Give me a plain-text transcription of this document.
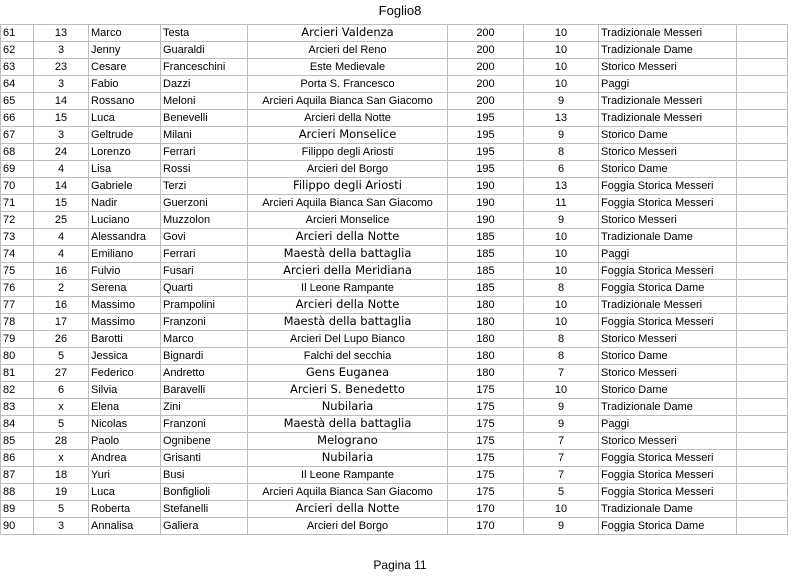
Foglio8
61	13	Marco	Testa	Arcieri Valdenza	200	10	Tradizionale Messeri	
62	3	Jenny	Guaraldi	Arcieri del Reno	200	10	Tradizionale Dame	
63	23	Cesare	Franceschini	Este Medievale	200	10	Storico Messeri	
64	3	Fabio	Dazzi	Porta S. Francesco	200	10	Paggi	
65	14	Rossano	Meloni	Arcieri Aquila Bianca San Giacomo	200	9	Tradizionale Messeri	
66	15	Luca	Benevelli	Arcieri della Notte	195	13	Tradizionale Messeri	
67	3	Geltrude	Milani	Arcieri Monselice	195	9	Storico Dame	
68	24	Lorenzo	Ferrari	Filippo degli Ariosti	195	8	Storico Messeri	
69	4	Lisa	Rossi	Arcieri del Borgo	195	6	Storico Dame	
70	14	Gabriele	Terzi	Filippo degli Ariosti	190	13	Foggia Storica Messeri	
71	15	Nadir	Guerzoni	Arcieri Aquila Bianca San Giacomo	190	11	Foggia Storica Messeri	
72	25	Luciano	Muzzolon	Arcieri Monselice	190	9	Storico Messeri	
73	4	Alessandra	Govi	Arcieri della Notte	185	10	Tradizionale Dame	
74	4	Emiliano	Ferrari	Maestà della battaglia	185	10	Paggi	
75	16	Fulvio	Fusari	Arcieri della Meridiana	185	10	Foggia Storica Messeri	
76	2	Serena	Quarti	Il Leone Rampante	185	8	Foggia Storica Dame	
77	16	Massimo	Prampolini	Arcieri della Notte	180	10	Tradizionale Messeri	
78	17	Massimo	Franzoni	Maestà della battaglia	180	10	Foggia Storica Messeri	
79	26	Barotti	Marco	Arcieri Del Lupo Bianco	180	8	Storico Messeri	
80	5	Jessica	Bignardi	Falchi del secchia	180	8	Storico Dame	
81	27	Federico	Andretto	Gens Euganea	180	7	Storico Messeri	
82	6	Silvia	Baravelli	Arcieri S. Benedetto	175	10	Storico Dame	
83	x	Elena	Zini	Nubilaria	175	9	Tradizionale Dame	
84	5	Nicolas	Franzoni	Maestà della battaglia	175	9	Paggi	
85	28	Paolo	Ognibene	Melograno	175	7	Storico Messeri	
86	x	Andrea	Grisanti	Nubilaria	175	7	Foggia Storica Messeri	
87	18	Yuri	Busi	Il Leone Rampante	175	7	Foggia Storica Messeri	
88	19	Luca	Bonfiglioli	Arcieri Aquila Bianca San Giacomo	175	5	Foggia Storica Messeri	
89	5	Roberta	Stefanelli	Arcieri della Notte	170	10	Tradizionale Dame	
90	3	Annalisa	Galiera	Arcieri del Borgo	170	9	Foggia Storica Dame	
Pagina 11
